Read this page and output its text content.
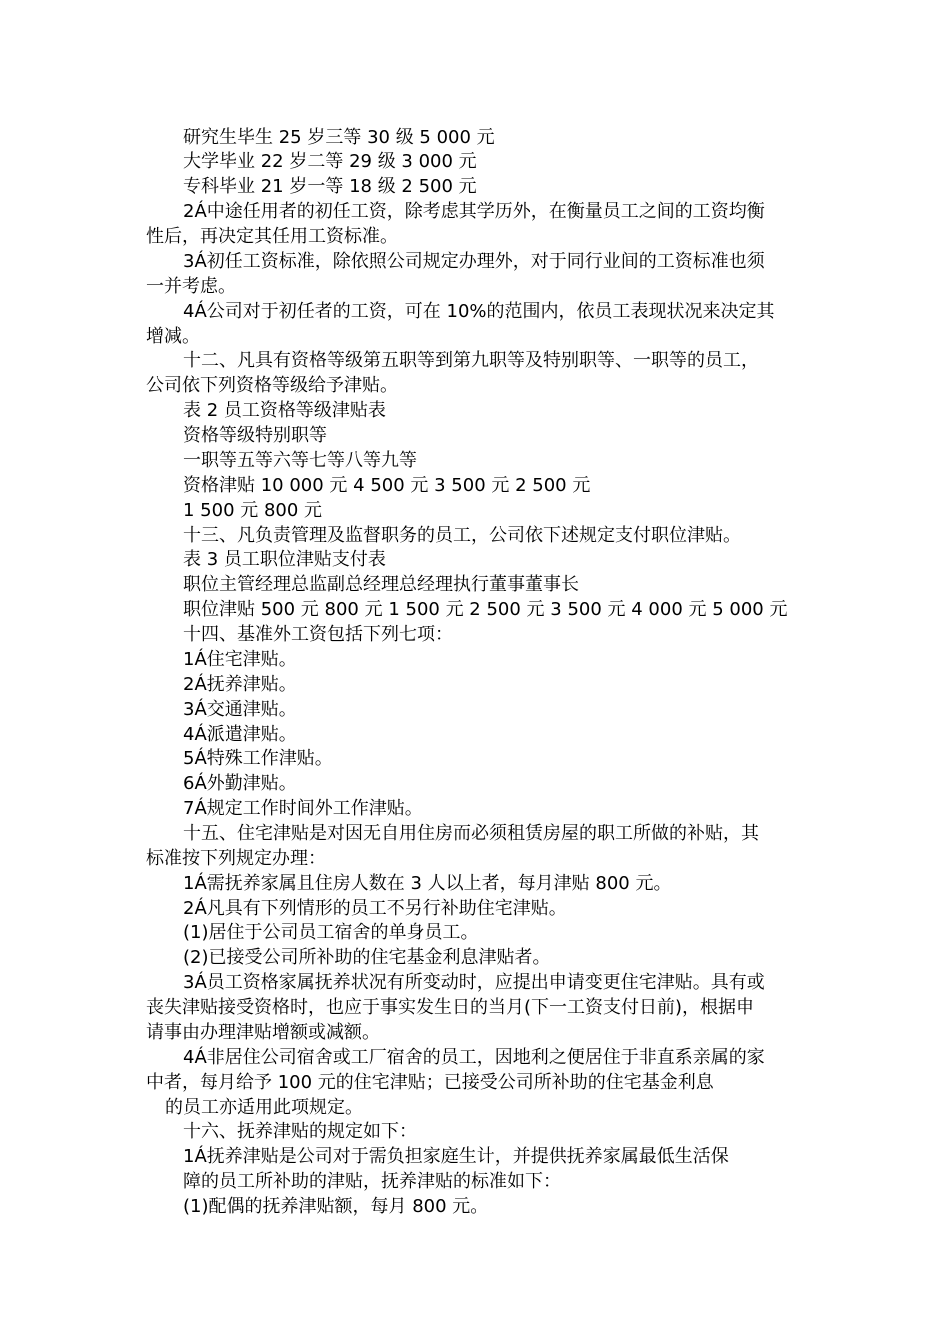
研究生毕生 25 岁三等 30 级 5 000 元
大学毕业 22 岁二等 29 级 3 000 元
专科毕业 21 岁一等 18 级 2 500 元
2Á中途任用者的初任工资，除考虑其学历外，在衡量员工之间的工资均衡
性后，再决定其任用工资标准。
3Á初任工资标准，除依照公司规定办理外，对于同行业间的工资标准也须
一并考虑。
4Á公司对于初任者的工资，可在 10%的范围内，依员工表现状况来决定其
增减。
十二、凡具有资格等级第五职等到第九职等及特别职等、一职等的员工，
公司依下列资格等级给予津贴。
表 2 员工资格等级津贴表
资格等级特别职等
一职等五等六等七等八等九等
资格津贴 10 000 元 4 500 元 3 500 元 2 500 元
1 500 元 800 元
十三、凡负责管理及监督职务的员工，公司依下述规定支付职位津贴。
表 3 员工职位津贴支付表
职位主管经理总监副总经理总经理执行董事董事长
职位津贴 500 元 800 元 1 500 元 2 500 元 3 500 元 4 000 元 5 000 元
十四、基准外工资包括下列七项：
1Á住宅津贴。
2Á抚养津贴。
3Á交通津贴。
4Á派遣津贴。
5Á特殊工作津贴。
6Á外勤津贴。
7Á规定工作时间外工作津贴。
十五、住宅津贴是对因无自用住房而必须租赁房屋的职工所做的补贴，其
标准按下列规定办理：
1Á需抚养家属且住房人数在 3 人以上者，每月津贴 800 元。
2Á凡具有下列情形的员工不另行补助住宅津贴。
(1)居住于公司员工宿舍的单身员工。
(2)已接受公司所补助的住宅基金利息津贴者。
3Á员工资格家属抚养状况有所变动时，应提出申请变更住宅津贴。具有或
丧失津贴接受资格时，也应于事实发生日的当月(下一工资支付日前)，根据申
请事由办理津贴增额或减额。
4Á非居住公司宿舍或工厂宿舍的员工，因地利之便居住于非直系亲属的家
中者，每月给予 100 元的住宅津贴；已接受公司所补助的住宅基金利息
的员工亦适用此项规定。
十六、抚养津贴的规定如下：
1Á抚养津贴是公司对于需负担家庭生计，并提供抚养家属最低生活保
障的员工所补助的津贴，抚养津贴的标准如下：
(1)配偶的抚养津贴额，每月 800 元。
